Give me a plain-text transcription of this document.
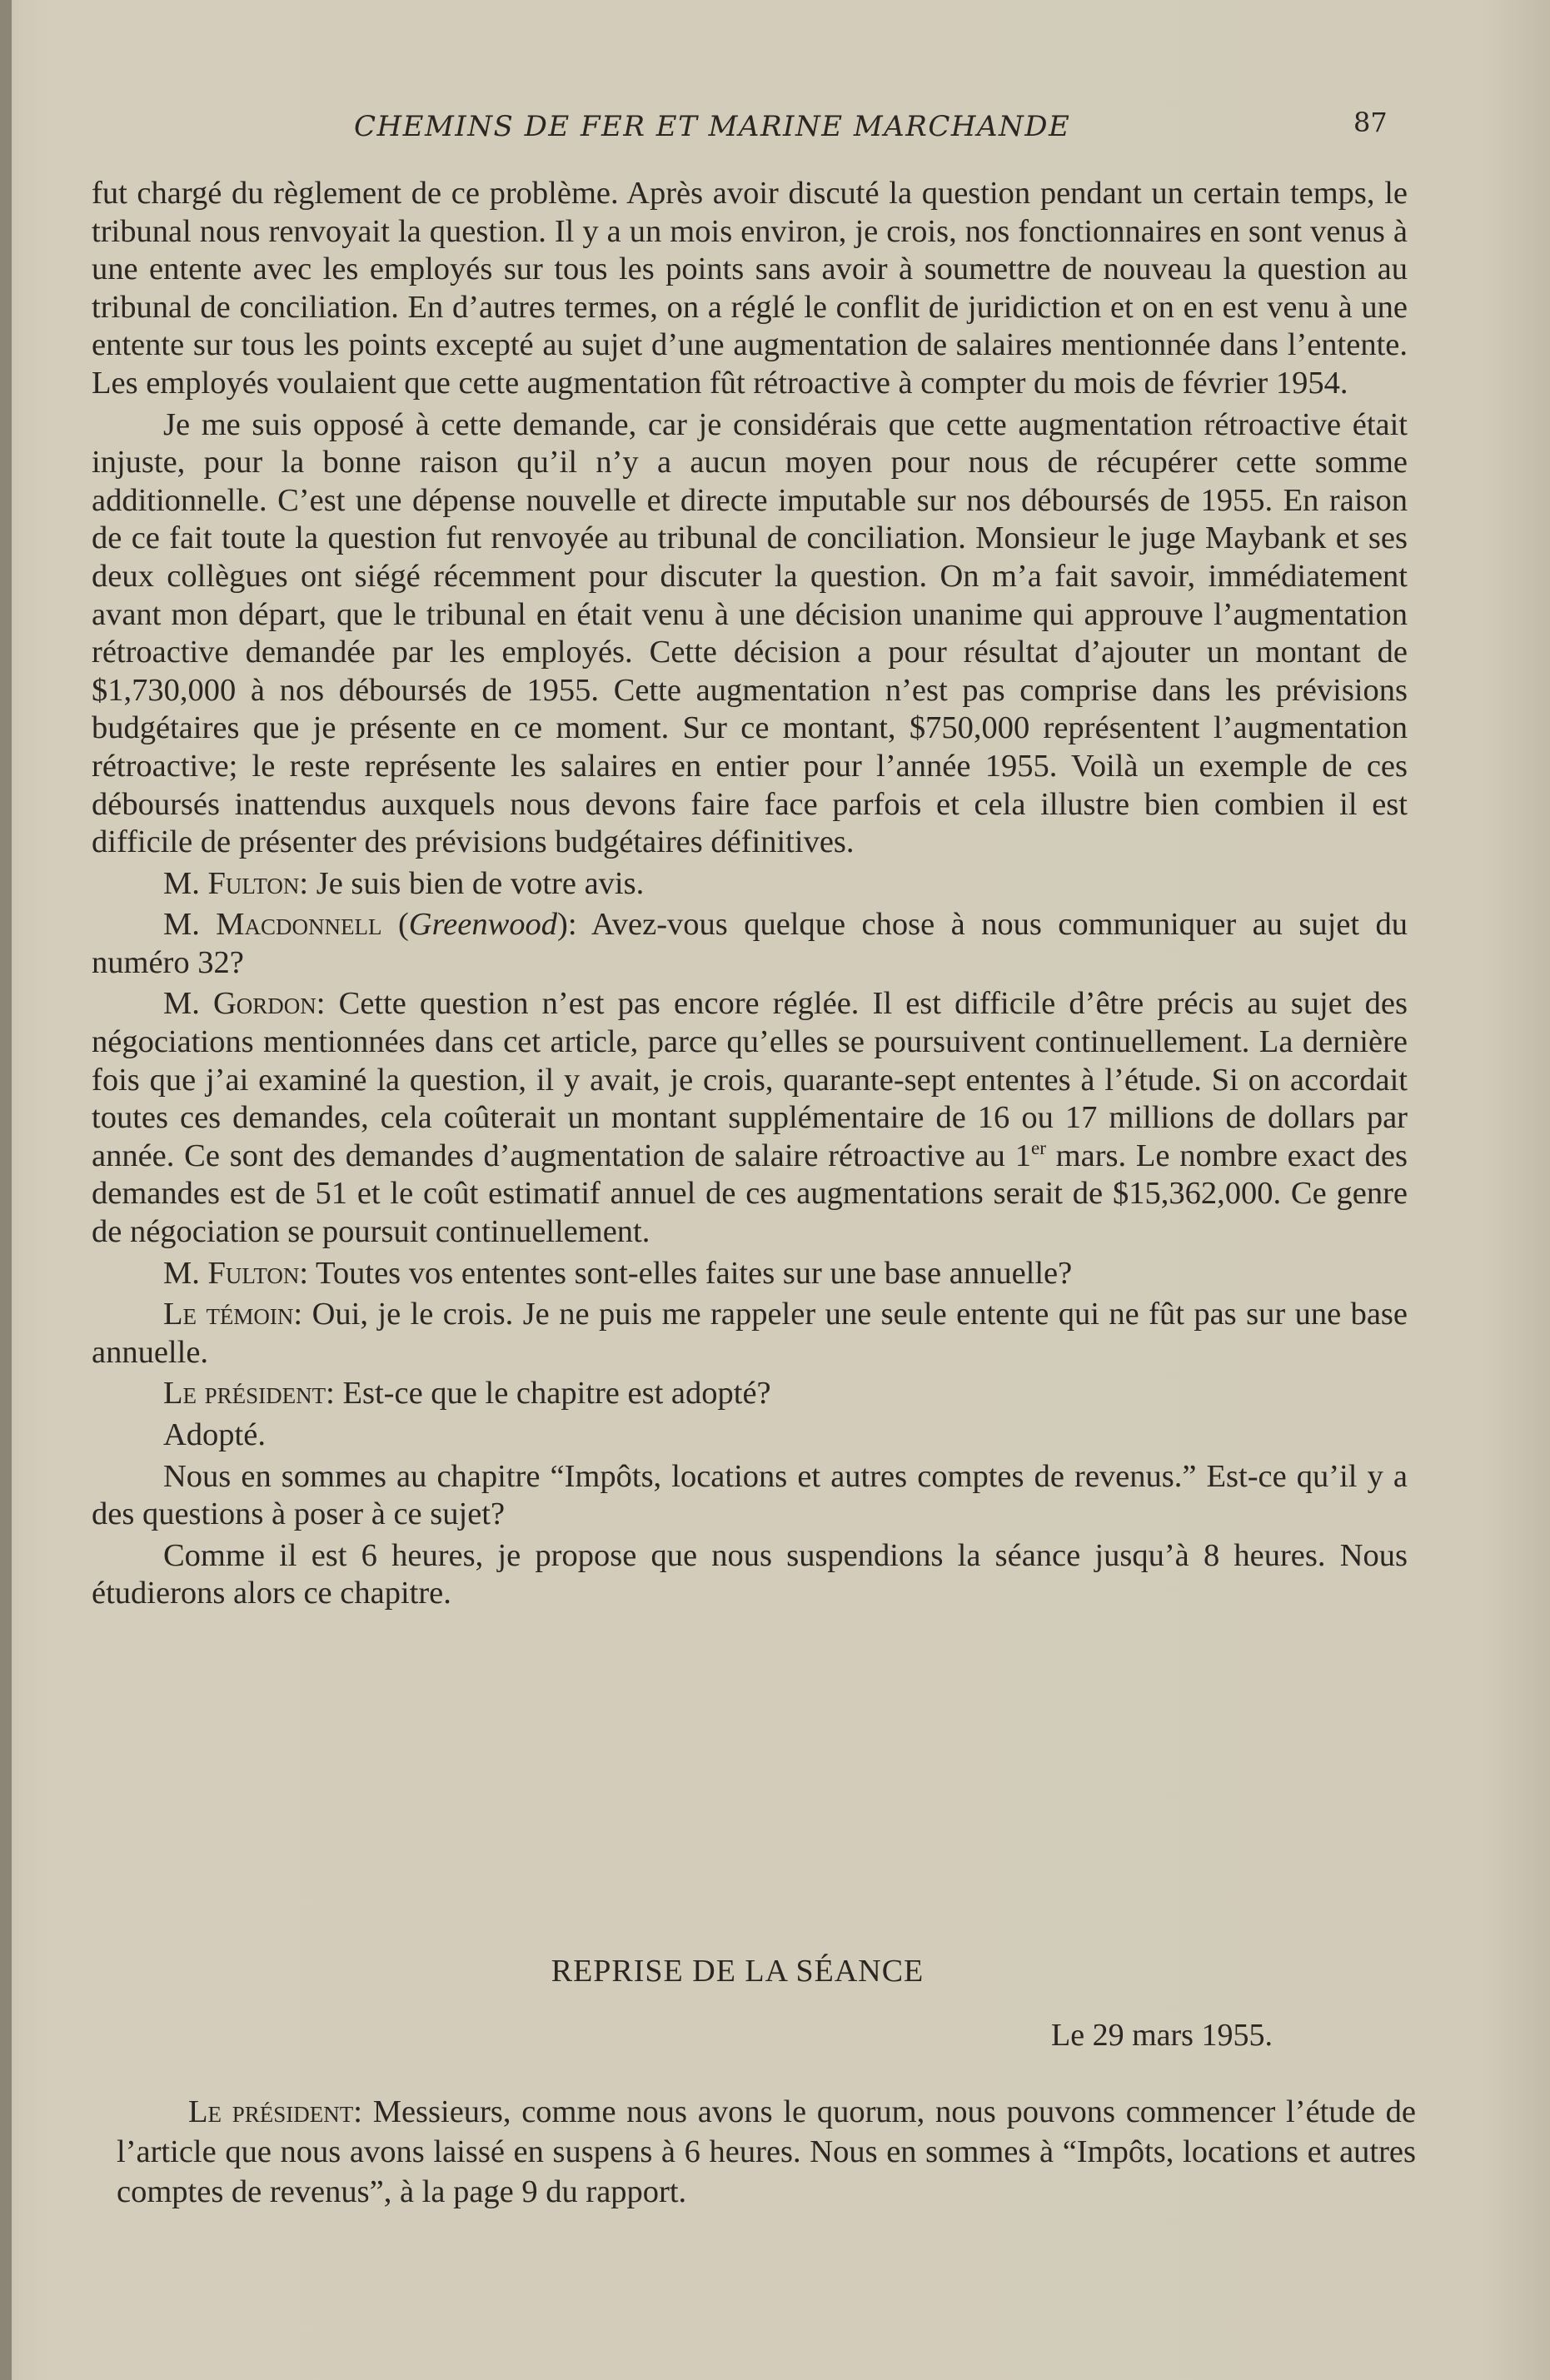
CHEMINS DE FER ET MARINE MARCHANDE	87

fut chargé du règlement de ce problème. Après avoir discuté la question pendant un certain temps, le tribunal nous renvoyait la question. Il y a un mois environ, je crois, nos fonctionnaires en sont venus à une entente avec les employés sur tous les points sans avoir à soumettre de nouveau la question au tribunal de conciliation. En d’autres termes, on a réglé le conflit de juridiction et on en est venu à une entente sur tous les points excepté au sujet d’une augmentation de salaires mentionnée dans l’entente. Les employés voulaient que cette augmentation fût rétroactive à compter du mois de février 1954.

Je me suis opposé à cette demande, car je considérais que cette augmentation rétroactive était injuste, pour la bonne raison qu’il n’y a aucun moyen pour nous de récupérer cette somme additionnelle. C’est une dépense nouvelle et directe imputable sur nos déboursés de 1955. En raison de ce fait toute la question fut renvoyée au tribunal de conciliation. Monsieur le juge Maybank et ses deux collègues ont siégé récemment pour discuter la question. On m’a fait savoir, immédiatement avant mon départ, que le tribunal en était venu à une décision unanime qui approuve l’augmentation rétroactive demandée par les employés. Cette décision a pour résultat d’ajouter un montant de $1,730,000 à nos déboursés de 1955. Cette augmentation n’est pas comprise dans les prévisions budgétaires que je présente en ce moment. Sur ce montant, $750,000 représentent l’augmentation rétroactive; le reste représente les salaires en entier pour l’année 1955. Voilà un exemple de ces déboursés inattendus auxquels nous devons faire face parfois et cela illustre bien combien il est difficile de présenter des prévisions budgétaires définitives.

M. Fulton: Je suis bien de votre avis.

M. Macdonnell (Greenwood): Avez-vous quelque chose à nous communiquer au sujet du numéro 32?

M. Gordon: Cette question n’est pas encore réglée. Il est difficile d’être précis au sujet des négociations mentionnées dans cet article, parce qu’elles se poursuivent continuellement. La dernière fois que j’ai examiné la question, il y avait, je crois, quarante-sept ententes à l’étude. Si on accordait toutes ces demandes, cela coûterait un montant supplémentaire de 16 ou 17 millions de dollars par année. Ce sont des demandes d’augmentation de salaire rétroactive au 1er mars. Le nombre exact des demandes est de 51 et le coût estimatif annuel de ces augmentations serait de $15,362,000. Ce genre de négociation se poursuit continuellement.

M. Fulton: Toutes vos ententes sont-elles faites sur une base annuelle?

Le témoin: Oui, je le crois. Je ne puis me rappeler une seule entente qui ne fût pas sur une base annuelle.

Le président: Est-ce que le chapitre est adopté?

Adopté.

Nous en sommes au chapitre “Impôts, locations et autres comptes de revenus.” Est-ce qu’il y a des questions à poser à ce sujet?

Comme il est 6 heures, je propose que nous suspendions la séance jusqu’à 8 heures. Nous étudierons alors ce chapitre.

REPRISE DE LA SÉANCE
Le 29 mars 1955.

Le président: Messieurs, comme nous avons le quorum, nous pouvons commencer l’étude de l’article que nous avons laissé en suspens à 6 heures. Nous en sommes à “Impôts, locations et autres comptes de revenus”, à la page 9 du rapport.
